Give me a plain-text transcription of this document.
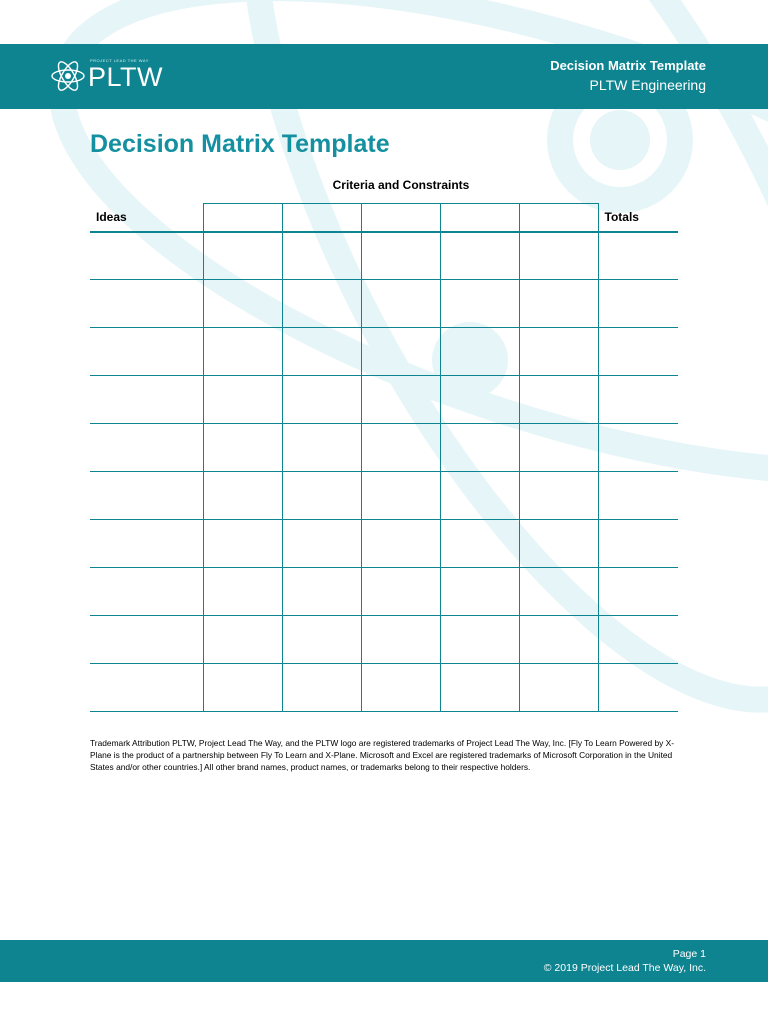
PROJECT LEAD THE WAY
PLTW	Decision Matrix Template
PLTW Engineering
Decision Matrix Template
Criteria and Constraints
Ideas						Totals

Trademark Attribution PLTW, Project Lead The Way, and the PLTW logo are registered trademarks of Project Lead The Way, Inc. [Fly To Learn Powered by X-Plane is the product of a partnership between Fly To Learn and X-Plane. Microsoft and Excel are registered trademarks of Microsoft Corporation in the United States and/or other countries.] All other brand names, product names, or trademarks belong to their respective holders.

Page 1
© 2019 Project Lead The Way, Inc.
